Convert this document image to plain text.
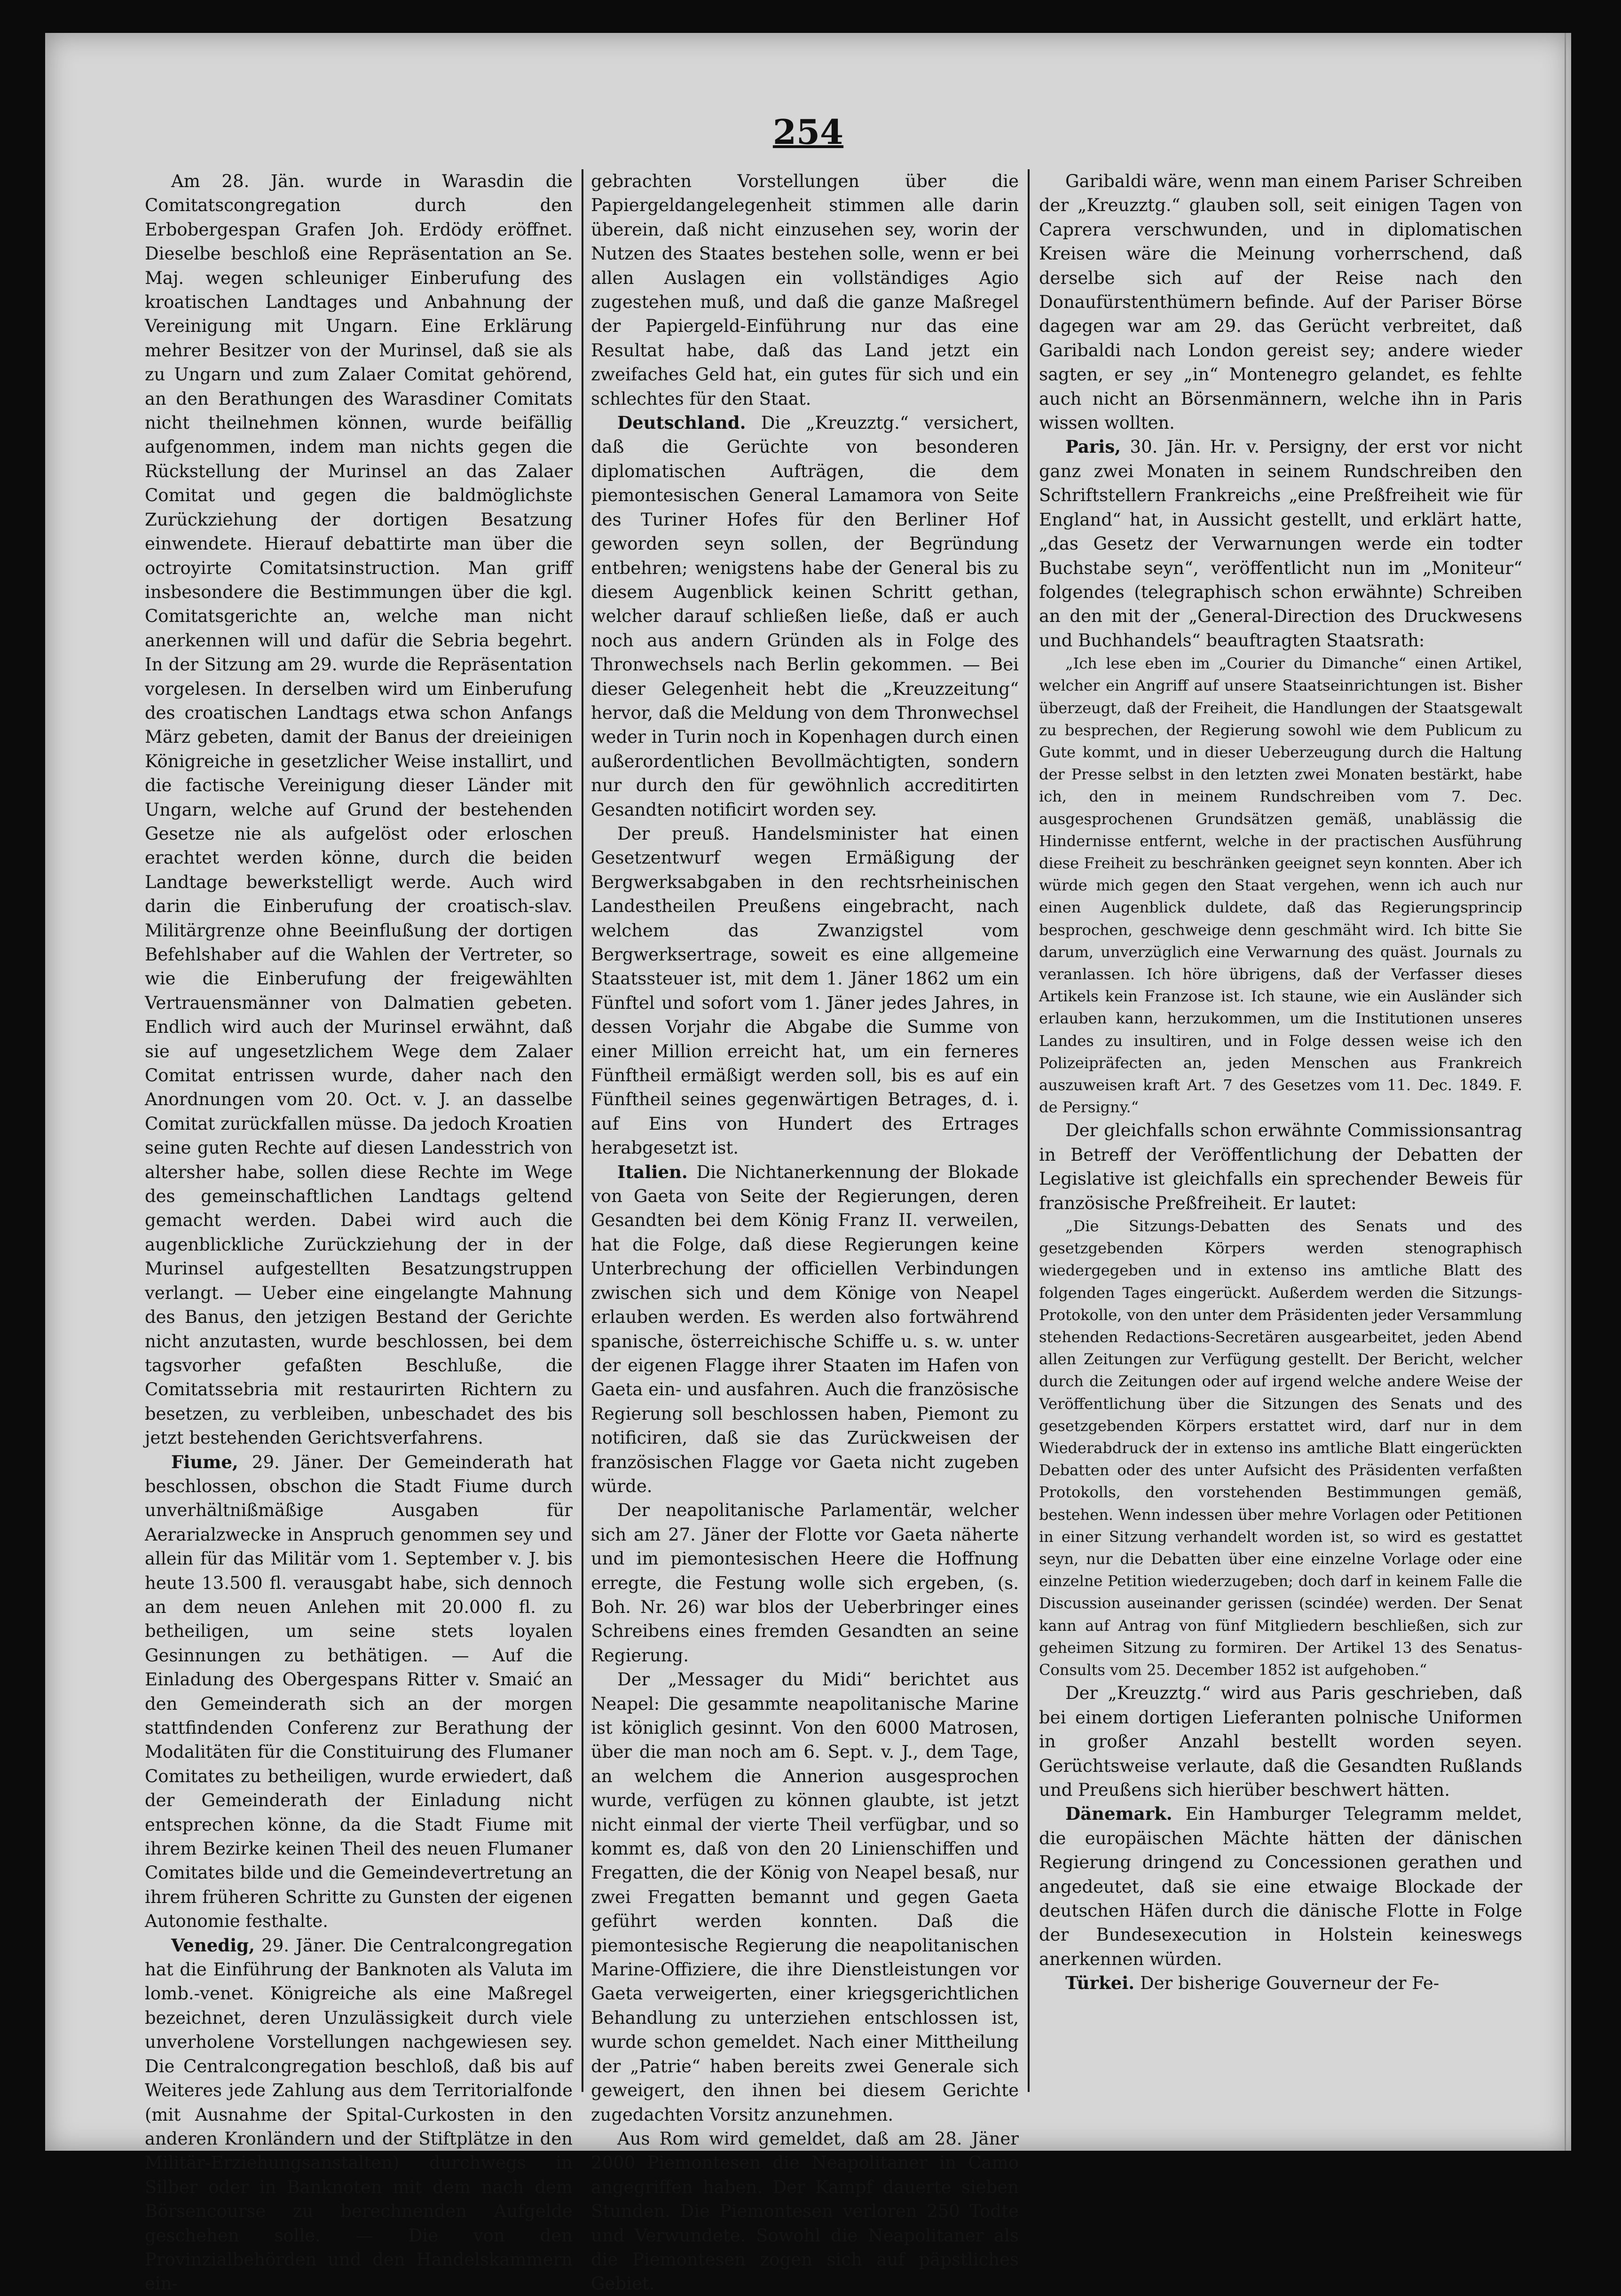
254

Am 28. Jän. wurde in Warasdin die Comitatscongregation durch den Erbobergespan Grafen Joh. Erdödy eröffnet. Dieselbe beschloß eine Repräsentation an Se. Maj. wegen schleuniger Einberufung des kroatischen Landtages und Anbahnung der Vereinigung mit Ungarn. Eine Erklärung mehrer Besitzer von der Murinsel, daß sie als zu Ungarn und zum Zalaer Comitat gehörend, an den Berathungen des Warasdiner Comitats nicht theilnehmen können, wurde beifällig aufgenommen, indem man nichts gegen die Rückstellung der Murinsel an das Zalaer Comitat und gegen die baldmöglichste Zurückziehung der dortigen Besatzung einwendete. Hierauf debattirte man über die octroyirte Comitatsinstruction. Man griff insbesondere die Bestimmungen über die kgl. Comitatsgerichte an, welche man nicht anerkennen will und dafür die Sebria begehrt. In der Sitzung am 29. wurde die Repräsentation vorgelesen. In derselben wird um Einberufung des croatischen Landtags etwa schon Anfangs März gebeten, damit der Banus der dreieinigen Königreiche in gesetzlicher Weise installirt, und die factische Vereinigung dieser Länder mit Ungarn, welche auf Grund der bestehenden Gesetze nie als aufgelöst oder erloschen erachtet werden könne, durch die beiden Landtage bewerkstelligt werde. Auch wird darin die Einberufung der croatisch-slav. Militärgrenze ohne Beeinflußung der dortigen Befehlshaber auf die Wahlen der Vertreter, so wie die Einberufung der freigewählten Vertrauensmänner von Dalmatien gebeten. Endlich wird auch der Murinsel erwähnt, daß sie auf ungesetzlichem Wege dem Zalaer Comitat entrissen wurde, daher nach den Anordnungen vom 20. Oct. v. J. an dasselbe Comitat zurückfallen müsse. Da jedoch Kroatien seine guten Rechte auf diesen Landesstrich von altersher habe, sollen diese Rechte im Wege des gemeinschaftlichen Landtags geltend gemacht werden. Dabei wird auch die augenblickliche Zurückziehung der in der Murinsel aufgestellten Besatzungstruppen verlangt. — Ueber eine eingelangte Mahnung des Banus, den jetzigen Bestand der Gerichte nicht anzutasten, wurde beschlossen, bei dem tagsvorher gefaßten Beschluße, die Comitatssebria mit restaurirten Richtern zu besetzen, zu verbleiben, unbeschadet des bis jetzt bestehenden Gerichtsverfahrens.

Fiume, 29. Jäner. Der Gemeinderath hat beschlossen, obschon die Stadt Fiume durch unverhältnißmäßige Ausgaben für Aerarialzwecke in Anspruch genommen sey und allein für das Militär vom 1. September v. J. bis heute 13.500 fl. verausgabt habe, sich dennoch an dem neuen Anlehen mit 20.000 fl. zu betheiligen, um seine stets loyalen Gesinnungen zu bethätigen. — Auf die Einladung des Obergespans Ritter v. Smaić an den Gemeinderath sich an der morgen stattfindenden Conferenz zur Berathung der Modalitäten für die Constituirung des Flumaner Comitates zu betheiligen, wurde erwiedert, daß der Gemeinderath der Einladung nicht entsprechen könne, da die Stadt Fiume mit ihrem Bezirke keinen Theil des neuen Flumaner Comitates bilde und die Gemeindevertretung an ihrem früheren Schritte zu Gunsten der eigenen Autonomie festhalte.

Venedig, 29. Jäner. Die Centralcongregation hat die Einführung der Banknoten als Valuta im lomb.-venet. Königreiche als eine Maßregel bezeichnet, deren Unzulässigkeit durch viele unverholene Vorstellungen nachgewiesen sey. Die Centralcongregation beschloß, daß bis auf Weiteres jede Zahlung aus dem Territorialfonde (mit Ausnahme der Spital-Curkosten in den anderen Kronländern und der Stiftplätze in den Militär-Erziehungsanstalten) durchwegs in Silber oder in Banknoten mit dem nach dem Börsencourse zu berechnenden Aufgelde geschehen solle. — Die von den Provinzialbehörden und den Handelskammern ein-

gebrachten Vorstellungen über die Papiergeldangelegenheit stimmen alle darin überein, daß nicht einzusehen sey, worin der Nutzen des Staates bestehen solle, wenn er bei allen Auslagen ein vollständiges Agio zugestehen muß, und daß die ganze Maßregel der Papiergeld-Einführung nur das eine Resultat habe, daß das Land jetzt ein zweifaches Geld hat, ein gutes für sich und ein schlechtes für den Staat.

Deutschland. Die „Kreuzztg.“ versichert, daß die Gerüchte von besonderen diplomatischen Aufträgen, die dem piemontesischen General Lamamora von Seite des Turiner Hofes für den Berliner Hof geworden seyn sollen, der Begründung entbehren; wenigstens habe der General bis zu diesem Augenblick keinen Schritt gethan, welcher darauf schließen ließe, daß er auch noch aus andern Gründen als in Folge des Thronwechsels nach Berlin gekommen. — Bei dieser Gelegenheit hebt die „Kreuzzeitung“ hervor, daß die Meldung von dem Thronwechsel weder in Turin noch in Kopenhagen durch einen außerordentlichen Bevollmächtigten, sondern nur durch den für gewöhnlich accreditirten Gesandten notificirt worden sey.

Der preuß. Handelsminister hat einen Gesetzentwurf wegen Ermäßigung der Bergwerksabgaben in den rechtsrheinischen Landestheilen Preußens eingebracht, nach welchem das Zwanzigstel vom Bergwerksertrage, soweit es eine allgemeine Staatssteuer ist, mit dem 1. Jäner 1862 um ein Fünftel und sofort vom 1. Jäner jedes Jahres, in dessen Vorjahr die Abgabe die Summe von einer Million erreicht hat, um ein ferneres Fünftheil ermäßigt werden soll, bis es auf ein Fünftheil seines gegenwärtigen Betrages, d. i. auf Eins von Hundert des Ertrages herabgesetzt ist.

Italien. Die Nichtanerkennung der Blokade von Gaeta von Seite der Regierungen, deren Gesandten bei dem König Franz II. verweilen, hat die Folge, daß diese Regierungen keine Unterbrechung der officiellen Verbindungen zwischen sich und dem Könige von Neapel erlauben werden. Es werden also fortwährend spanische, österreichische Schiffe u. s. w. unter der eigenen Flagge ihrer Staaten im Hafen von Gaeta ein- und ausfahren. Auch die französische Regierung soll beschlossen haben, Piemont zu notificiren, daß sie das Zurückweisen der französischen Flagge vor Gaeta nicht zugeben würde.

Der neapolitanische Parlamentär, welcher sich am 27. Jäner der Flotte vor Gaeta näherte und im piemontesischen Heere die Hoffnung erregte, die Festung wolle sich ergeben, (s. Boh. Nr. 26) war blos der Ueberbringer eines Schreibens eines fremden Gesandten an seine Regierung.

Der „Messager du Midi“ berichtet aus Neapel: Die gesammte neapolitanische Marine ist königlich gesinnt. Von den 6000 Matrosen, über die man noch am 6. Sept. v. J., dem Tage, an welchem die Annerion ausgesprochen wurde, verfügen zu können glaubte, ist jetzt nicht einmal der vierte Theil verfügbar, und so kommt es, daß von den 20 Linienschiffen und Fregatten, die der König von Neapel besaß, nur zwei Fregatten bemannt und gegen Gaeta geführt werden konnten. Daß die piemontesische Regierung die neapolitanischen Marine-Offiziere, die ihre Dienstleistungen vor Gaeta verweigerten, einer kriegsgerichtlichen Behandlung zu unterziehen entschlossen ist, wurde schon gemeldet. Nach einer Mittheilung der „Patrie“ haben bereits zwei Generale sich geweigert, den ihnen bei diesem Gerichte zugedachten Vorsitz anzunehmen.

Aus Rom wird gemeldet, daß am 28. Jäner 2000 Piemontesen die Neapolitaner in Camo angegriffen haben. Der Kampf dauerte sieben Stunden. Die Piemontesen verloren 250 Todte und Verwundete. Sowohl die Neapolitaner als die Piemontesen zogen sich auf päpstliches Gebiet.

Garibaldi wäre, wenn man einem Pariser Schreiben der „Kreuzztg.“ glauben soll, seit einigen Tagen von Caprera verschwunden, und in diplomatischen Kreisen wäre die Meinung vorherrschend, daß derselbe sich auf der Reise nach den Donaufürstenthümern befinde. Auf der Pariser Börse dagegen war am 29. das Gerücht verbreitet, daß Garibaldi nach London gereist sey; andere wieder sagten, er sey „in“ Montenegro gelandet, es fehlte auch nicht an Börsenmännern, welche ihn in Paris wissen wollten.

Paris, 30. Jän. Hr. v. Persigny, der erst vor nicht ganz zwei Monaten in seinem Rundschreiben den Schriftstellern Frankreichs „eine Preßfreiheit wie für England“ hat, in Aussicht gestellt, und erklärt hatte, „das Gesetz der Verwarnungen werde ein todter Buchstabe seyn“, veröffentlicht nun im „Moniteur“ folgendes (telegraphisch schon erwähnte) Schreiben an den mit der „General-Direction des Druckwesens und Buchhandels“ beauftragten Staatsrath:

„Ich lese eben im „Courier du Dimanche“ einen Artikel, welcher ein Angriff auf unsere Staatseinrichtungen ist. Bisher überzeugt, daß der Freiheit, die Handlungen der Staatsgewalt zu besprechen, der Regierung sowohl wie dem Publicum zu Gute kommt, und in dieser Ueberzeugung durch die Haltung der Presse selbst in den letzten zwei Monaten bestärkt, habe ich, den in meinem Rundschreiben vom 7. Dec. ausgesprochenen Grundsätzen gemäß, unablässig die Hindernisse entfernt, welche in der practischen Ausführung diese Freiheit zu beschränken geeignet seyn konnten. Aber ich würde mich gegen den Staat vergehen, wenn ich auch nur einen Augenblick duldete, daß das Regierungsprincip besprochen, geschweige denn geschmäht wird. Ich bitte Sie darum, unverzüglich eine Verwarnung des quäst. Journals zu veranlassen. Ich höre übrigens, daß der Verfasser dieses Artikels kein Franzose ist. Ich staune, wie ein Ausländer sich erlauben kann, herzukommen, um die Institutionen unseres Landes zu insultiren, und in Folge dessen weise ich den Polizeipräfecten an, jeden Menschen aus Frankreich auszuweisen kraft Art. 7 des Gesetzes vom 11. Dec. 1849. F. de Persigny.“

Der gleichfalls schon erwähnte Commissionsantrag in Betreff der Veröffentlichung der Debatten der Legislative ist gleichfalls ein sprechender Beweis für französische Preßfreiheit. Er lautet:

„Die Sitzungs-Debatten des Senats und des gesetzgebenden Körpers werden stenographisch wiedergegeben und in extenso ins amtliche Blatt des folgenden Tages eingerückt. Außerdem werden die Sitzungs-Protokolle, von den unter dem Präsidenten jeder Versammlung stehenden Redactions-Secretären ausgearbeitet, jeden Abend allen Zeitungen zur Verfügung gestellt. Der Bericht, welcher durch die Zeitungen oder auf irgend welche andere Weise der Veröffentlichung über die Sitzungen des Senats und des gesetzgebenden Körpers erstattet wird, darf nur in dem Wiederabdruck der in extenso ins amtliche Blatt eingerückten Debatten oder des unter Aufsicht des Präsidenten verfaßten Protokolls, den vorstehenden Bestimmungen gemäß, bestehen. Wenn indessen über mehre Vorlagen oder Petitionen in einer Sitzung verhandelt worden ist, so wird es gestattet seyn, nur die Debatten über eine einzelne Vorlage oder eine einzelne Petition wiederzugeben; doch darf in keinem Falle die Discussion auseinander gerissen (scindée) werden. Der Senat kann auf Antrag von fünf Mitgliedern beschließen, sich zur geheimen Sitzung zu formiren. Der Artikel 13 des Senatus-Consults vom 25. December 1852 ist aufgehoben.“

Der „Kreuzztg.“ wird aus Paris geschrieben, daß bei einem dortigen Lieferanten polnische Uniformen in großer Anzahl bestellt worden seyen. Gerüchtsweise verlaute, daß die Gesandten Rußlands und Preußens sich hierüber beschwert hätten.

Dänemark. Ein Hamburger Telegramm meldet, die europäischen Mächte hätten der dänischen Regierung dringend zu Concessionen gerathen und angedeutet, daß sie eine etwaige Blockade der deutschen Häfen durch die dänische Flotte in Folge der Bundesexecution in Holstein keineswegs anerkennen würden.

Türkei. Der bisherige Gouverneur der Fe-
